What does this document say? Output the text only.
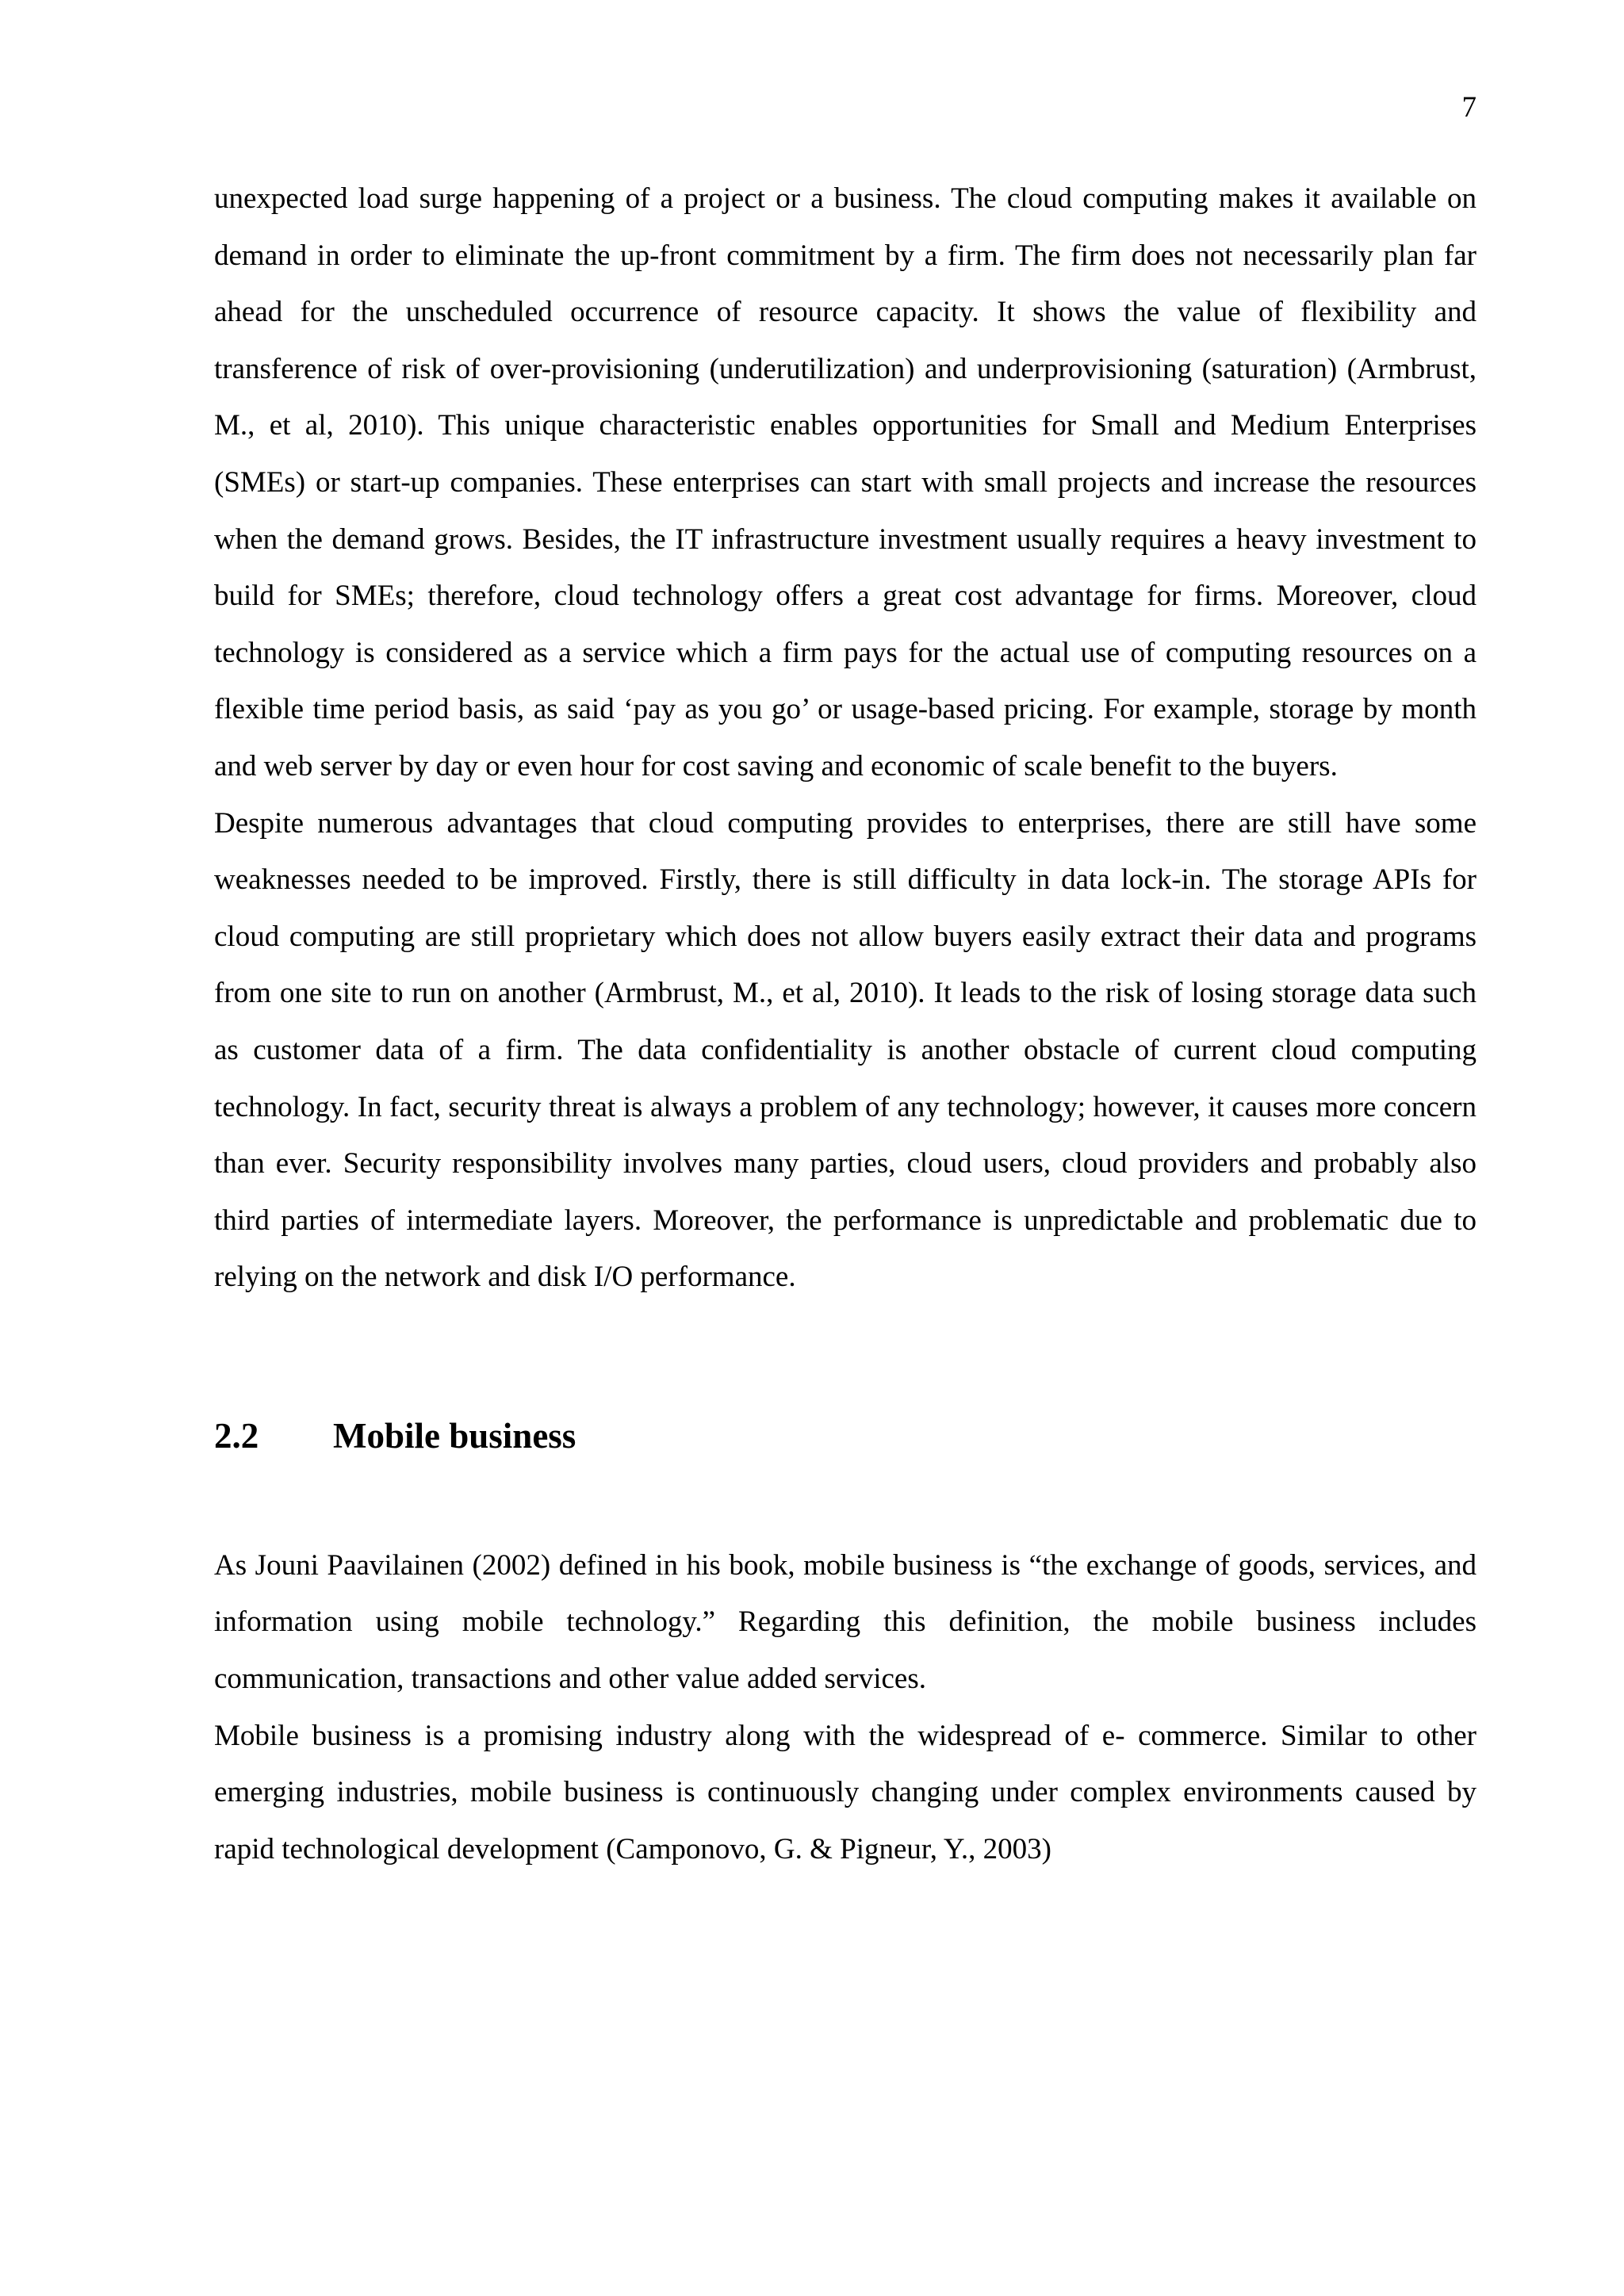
7

unexpected load surge happening of a project or a business. The cloud computing makes it available on demand in order to eliminate the up-front commitment by a firm. The firm does not necessarily plan far ahead for the unscheduled occurrence of resource capacity. It shows the value of flexibility and transference of risk of over-provisioning (underutilization) and underprovisioning (saturation) (Armbrust, M., et al, 2010). This unique characteristic enables opportunities for Small and Medium Enterprises (SMEs) or start-up companies. These enterprises can start with small projects and increase the resources when the demand grows. Besides, the IT infrastructure investment usually requires a heavy investment to build for SMEs; therefore, cloud technology offers a great cost advantage for firms. Moreover, cloud technology is considered as a service which a firm pays for the actual use of computing resources on a flexible time period basis, as said ‘pay as you go’ or usage-based pricing. For example, storage by month and web server by day or even hour for cost saving and economic of scale benefit to the buyers.

Despite numerous advantages that cloud computing provides to enterprises, there are still have some weaknesses needed to be improved. Firstly, there is still difficulty in data lock-in. The storage APIs for cloud computing are still proprietary which does not allow buyers easily extract their data and programs from one site to run on another (Armbrust, M., et al, 2010). It leads to the risk of losing storage data such as customer data of a firm. The data confidentiality is another obstacle of current cloud computing technology. In fact, security threat is always a problem of any technology; however, it causes more concern than ever. Security responsibility involves many parties, cloud users, cloud providers and probably also third parties of intermediate layers. Moreover, the performance is unpredictable and problematic due to relying on the network and disk I/O performance.

2.2	Mobile business

As Jouni Paavilainen (2002) defined in his book, mobile business is “the exchange of goods, services, and information using mobile technology.” Regarding this definition, the mobile business includes communication, transactions and other value added services.

Mobile business is a promising industry along with the widespread of e- commerce. Similar to other emerging industries, mobile business is continuously changing under complex environments caused by rapid technological development (Camponovo, G. & Pigneur, Y., 2003)
